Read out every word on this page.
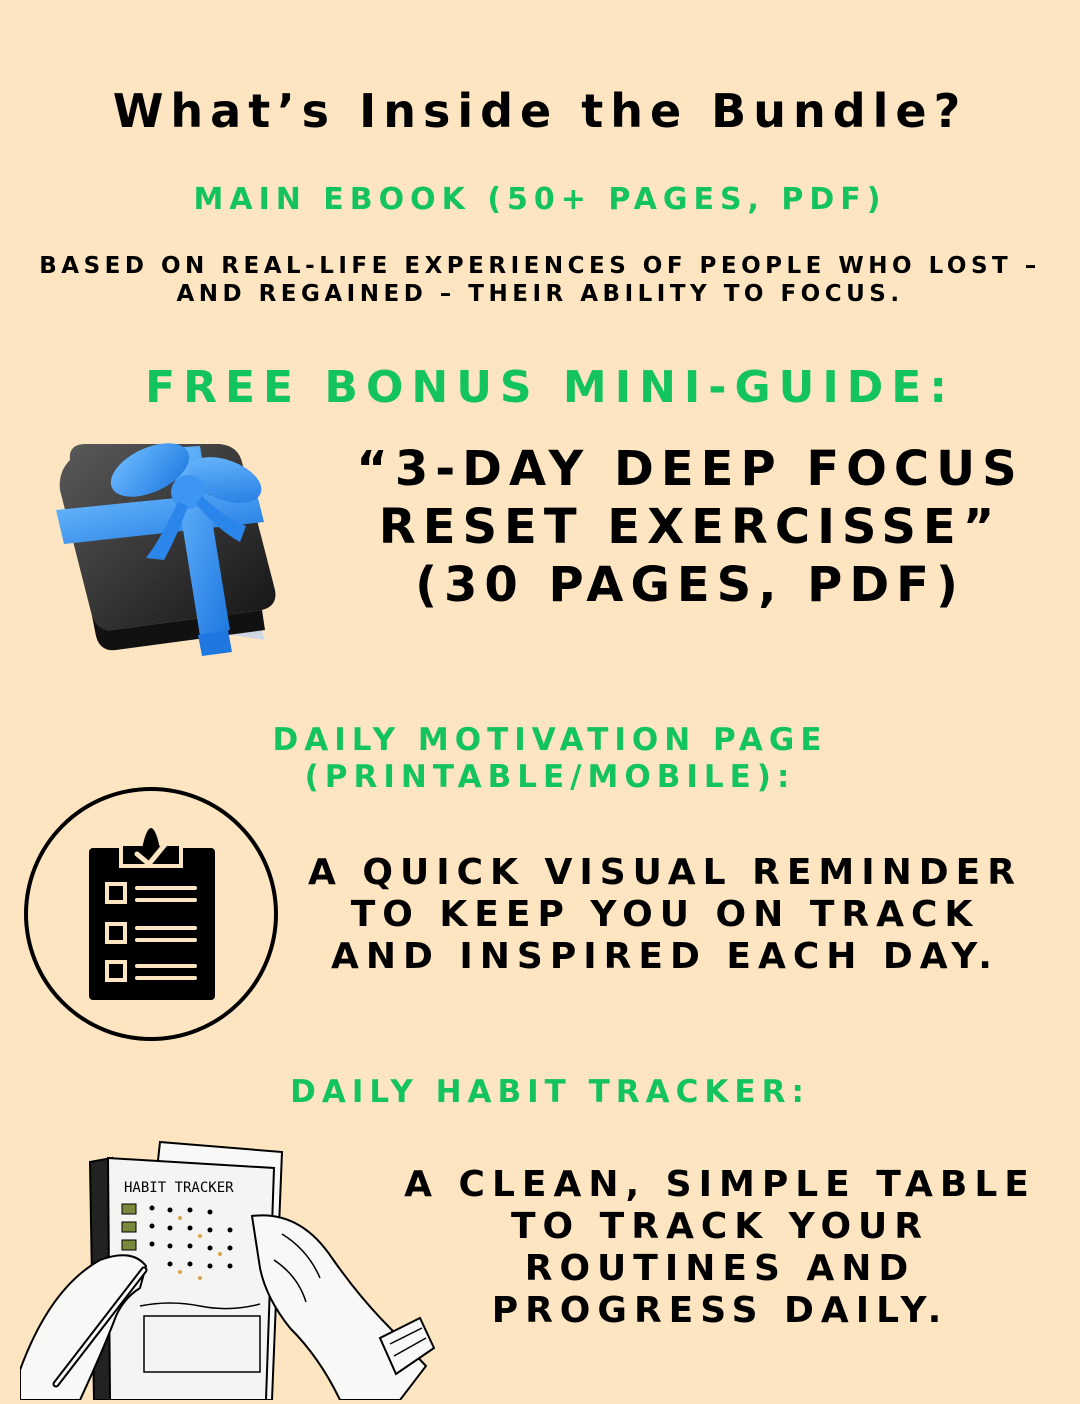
What’s Inside the Bundle?
MAIN EBOOK (50+ PAGES, PDF)
BASED ON REAL-LIFE EXPERIENCES OF PEOPLE WHO LOST – AND REGAINED – THEIR ABILITY TO FOCUS.
FREE BONUS MINI-GUIDE:
“3-DAY DEEP FOCUS RESET EXERCISSE” (30 PAGES, PDF)
DAILY MOTIVATION PAGE (PRINTABLE/MOBILE):
A QUICK VISUAL REMINDER TO KEEP YOU ON TRACK AND INSPIRED EACH DAY.
DAILY HABIT TRACKER:
HABIT TRACKER	A CLEAN, SIMPLE TABLE TO TRACK YOUR ROUTINES AND PROGRESS DAILY.
